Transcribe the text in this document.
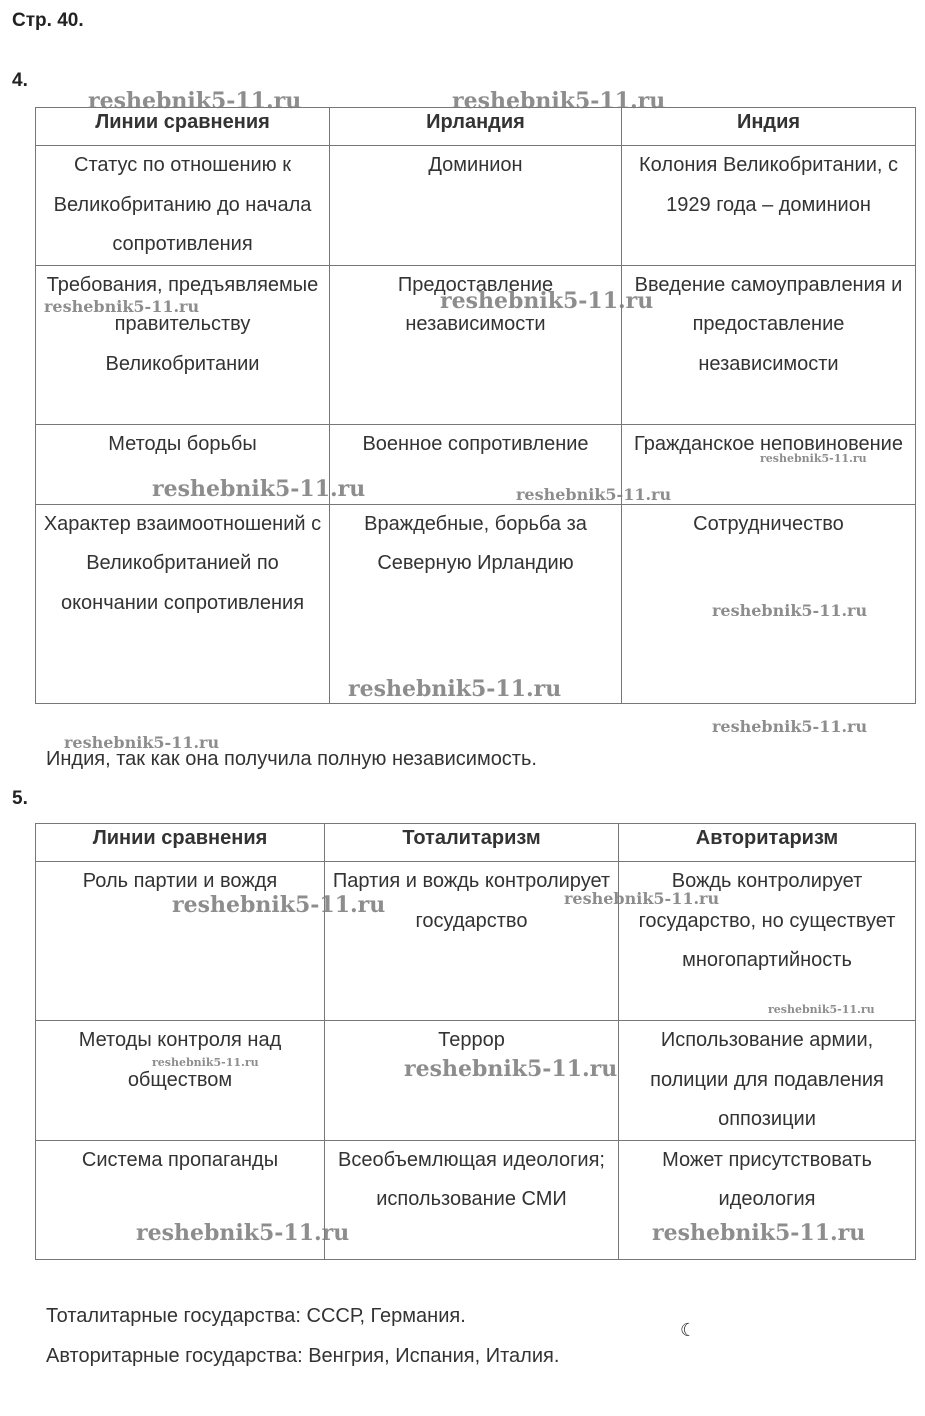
Стр. 40.
4.
Линии сравнения	Ирландия	Индия
Статус по отношению к Великобританию до начала сопротивления	Доминион	Колония Великобритании, с 1929 года – доминион
Требования, предъявляемые правительству Великобритании	Предоставление независимости	Введение самоуправления и предоставление независимости
Методы борьбы	Военное сопротивление	Гражданское неповиновение
Характер взаимоотношений с Великобританией по окончании сопротивления	Враждебные, борьба за Северную Ирландию	Сотрудничество
Индия, так как она получила полную независимость.
5.
Линии сравнения	Тоталитаризм	Авторитаризм
Роль партии и вождя	Партия и вождь контролирует государство	Вождь контролирует государство, но существует многопартийность
Методы контроля над обществом	Террор	Использование армии, полиции для подавления оппозиции
Система пропаганды	Всеобъемлющая идеология; использование СМИ	Может присутствовать идеология
Тоталитарные государства: СССР, Германия.
Авторитарные государства: Венгрия, Испания, Италия.
☾
reshebnik5-11.ru	reshebnik5-11.ru
reshebnik5-11.ru	reshebnik5-11.ru
reshebnik5-11.ru
reshebnik5-11.ru	reshebnik5-11.ru
reshebnik5-11.ru
reshebnik5-11.ru
reshebnik5-11.ru
reshebnik5-11.ru
reshebnik5-11.ru	reshebnik5-11.ru
reshebnik5-11.ru
reshebnik5-11.ru	reshebnik5-11.ru
reshebnik5-11.ru	reshebnik5-11.ru
